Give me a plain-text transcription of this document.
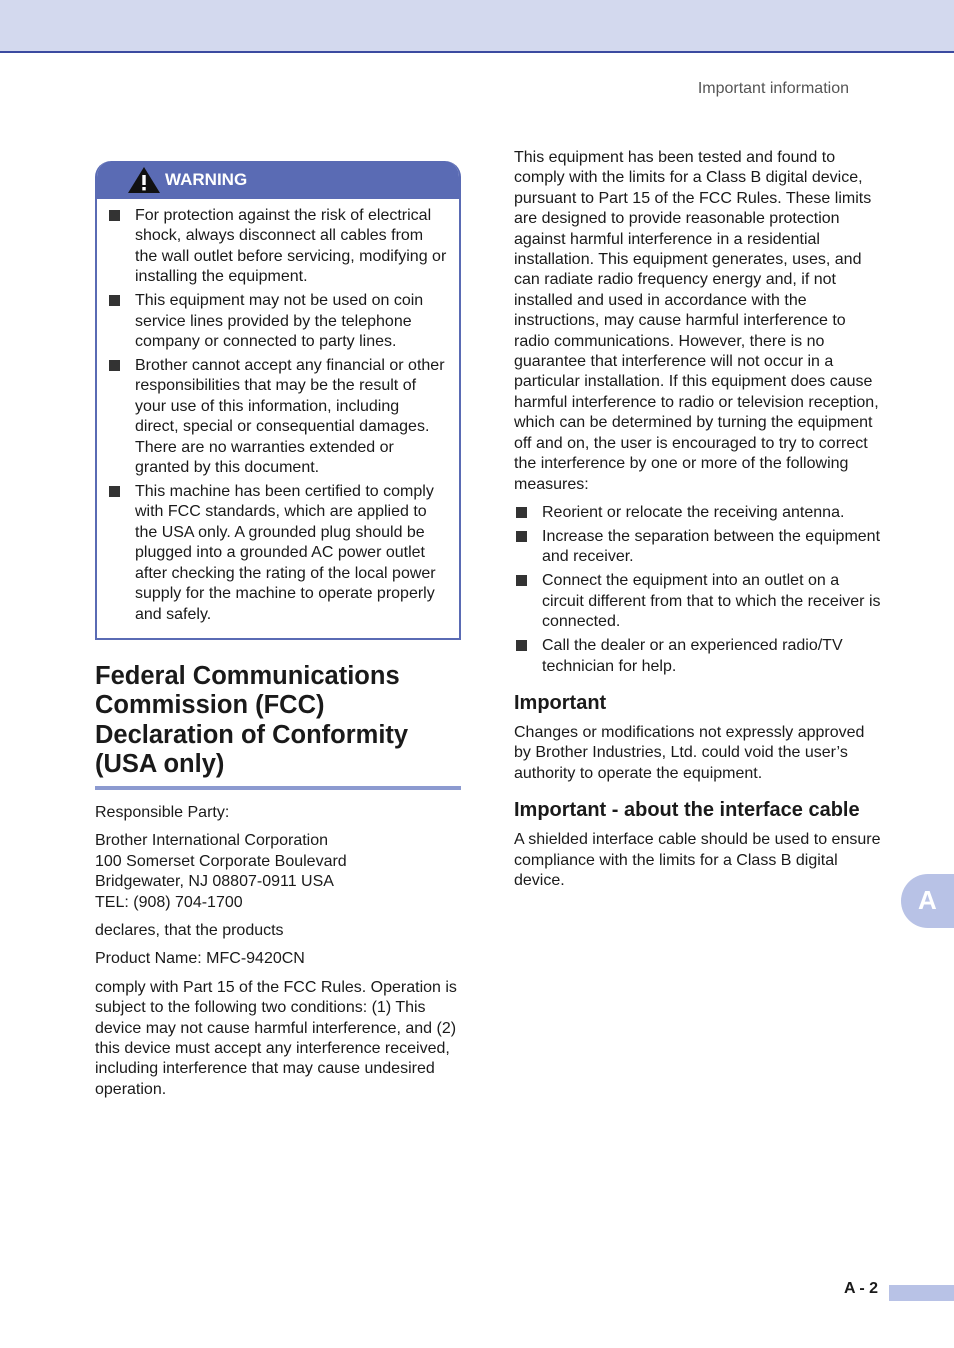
Important information
WARNING
For protection against the risk of electrical shock, always disconnect all cables from the wall outlet before servicing, modifying or installing the equipment.
This equipment may not be used on coin service lines provided by the telephone company or connected to party lines.
Brother cannot accept any financial or other responsibilities that may be the result of your use of this information, including direct, special or consequential damages. There are no warranties extended or granted by this document.
This machine has been certified to comply with FCC standards, which are applied to the USA only. A grounded plug should be plugged into a grounded AC power outlet after checking the rating of the local power supply for the machine to operate properly and safely.
Federal Communications Commission (FCC) Declaration of Conformity (USA only)

Responsible Party:

Brother International Corporation

100 Somerset Corporate Boulevard

Bridgewater, NJ 08807-0911 USA

TEL: (908) 704-1700

declares, that the products

Product Name: MFC-9420CN

comply with Part 15 of the FCC Rules. Operation is subject to the following two conditions: (1) This device may not cause harmful interference, and (2) this device must accept any interference received, including interference that may cause undesired operation.

This equipment has been tested and found to comply with the limits for a Class B digital device, pursuant to Part 15 of the FCC Rules. These limits are designed to provide reasonable protection against harmful interference in a residential installation. This equipment generates, uses, and can radiate radio frequency energy and, if not installed and used in accordance with the instructions, may cause harmful interference to radio communications. However, there is no guarantee that interference will not occur in a particular installation. If this equipment does cause harmful interference to radio or television reception, which can be determined by turning the equipment off and on, the user is encouraged to try to correct the interference by one or more of the following measures:

Reorient or relocate the receiving antenna.
Increase the separation between the equipment and receiver.
Connect the equipment into an outlet on a circuit different from that to which the receiver is connected.
Call the dealer or an experienced radio/TV technician for help.
Important

Changes or modifications not expressly approved by Brother Industries, Ltd. could void the user’s authority to operate the equipment.

Important - about the interface cable

A shielded interface cable should be used to ensure compliance with the limits for a Class B digital device.

A
A - 2
